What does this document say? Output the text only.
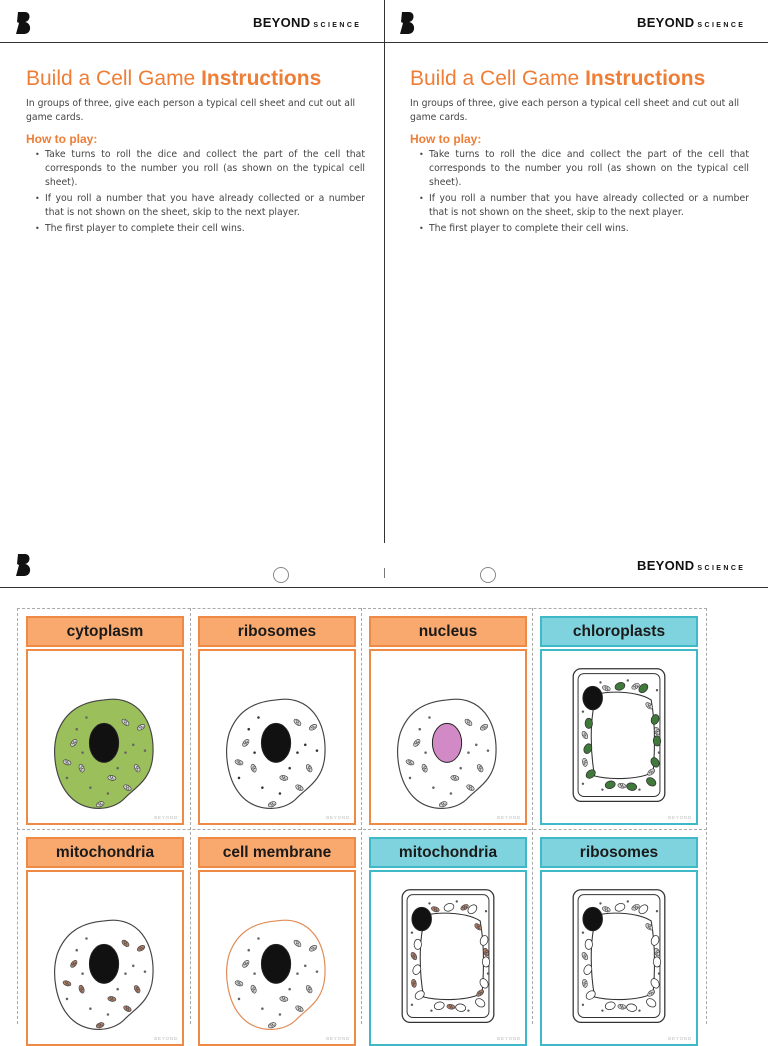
BEYOND SCIENCE
Build a Cell Game Instructions
In groups of three, give each person a typical cell sheet and cut out all game cards.
How to play:
• Take turns to roll the dice and collect the part of the cell that corresponds to the number you roll (as shown on the typical cell sheet).
• If you roll a number that you have already collected or a number that is not shown on the sheet, skip to the next player.
• The first player to complete their cell wins.
BEYOND SCIENCE
Build a Cell Game Instructions
In groups of three, give each person a typical cell sheet and cut out all game cards.
How to play:
• Take turns to roll the dice and collect the part of the cell that corresponds to the number you roll (as shown on the typical cell sheet).
• If you roll a number that you have already collected or a number that is not shown on the sheet, skip to the next player.
• The first player to complete their cell wins.
BEYOND SCIENCE
cytoplasm
BEYOND
ribosomes
BEYOND
nucleus
BEYOND
chloroplasts
BEYOND
mitochondria
BEYOND
cell membrane
BEYOND
mitochondria
BEYOND
ribosomes
BEYOND
